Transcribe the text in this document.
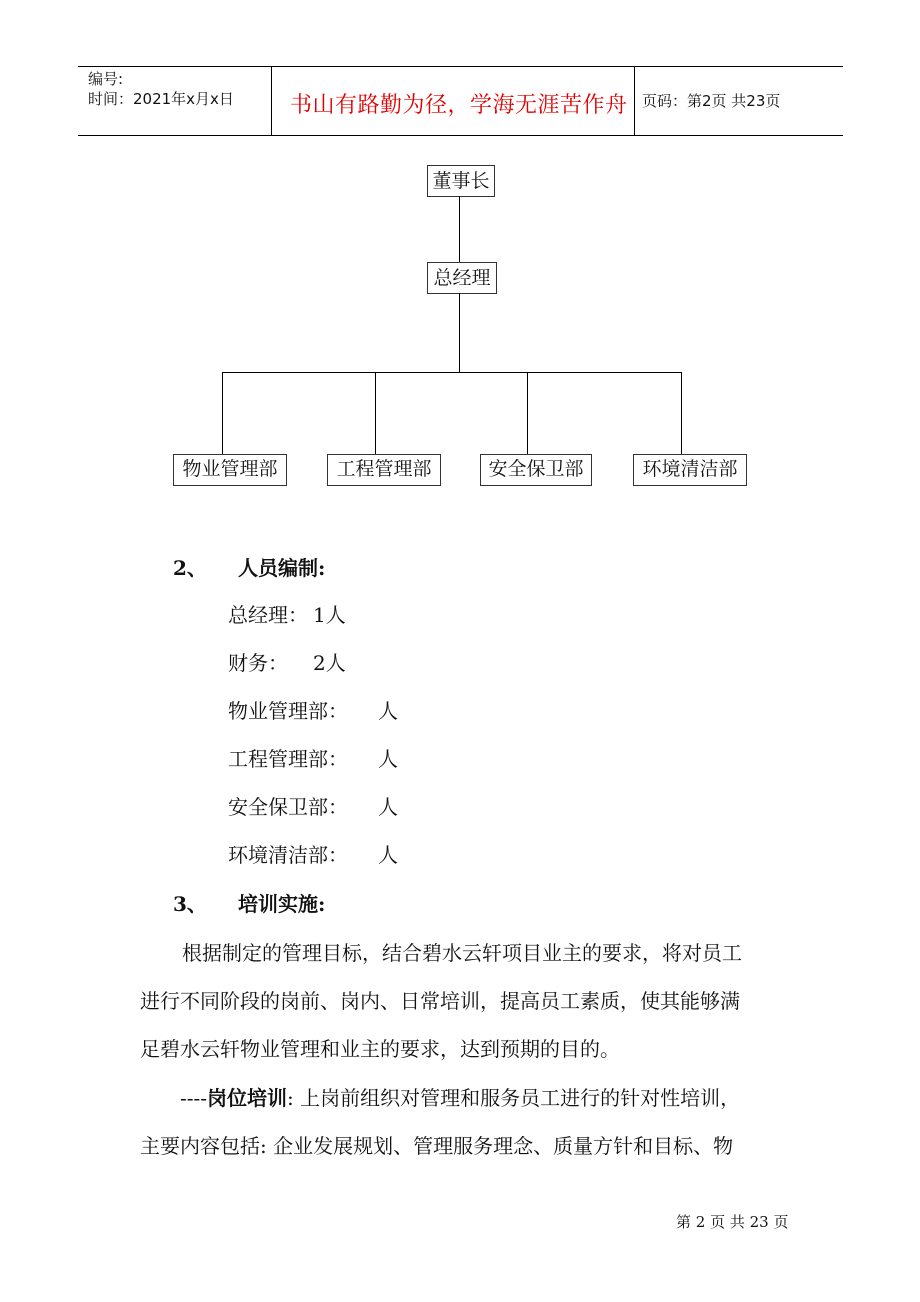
编号:
时间：2021年x月x日	书山有路勤为径，学海无涯苦作舟 页码：第2页 共23页
董事长
总经理
物业管理部	工程管理部	安全保卫部	环境清洁部
2、 人员编制:
总经理： 1人
财务： 2人
物业管理部： 人
工程管理部： 人
安全保卫部： 人
环境清洁部： 人
3、 培训实施:
根据制定的管理目标，结合碧水云轩项目业主的要求，将对员工
进行不同阶段的岗前、岗内、日常培训，提高员工素质，使其能够满
足碧水云轩物业管理和业主的要求，达到预期的目的。
----岗位培训: 上岗前组织对管理和服务员工进行的针对性培训，
主要内容包括: 企业发展规划、管理服务理念、质量方针和目标、物
第 2 页 共 23 页
